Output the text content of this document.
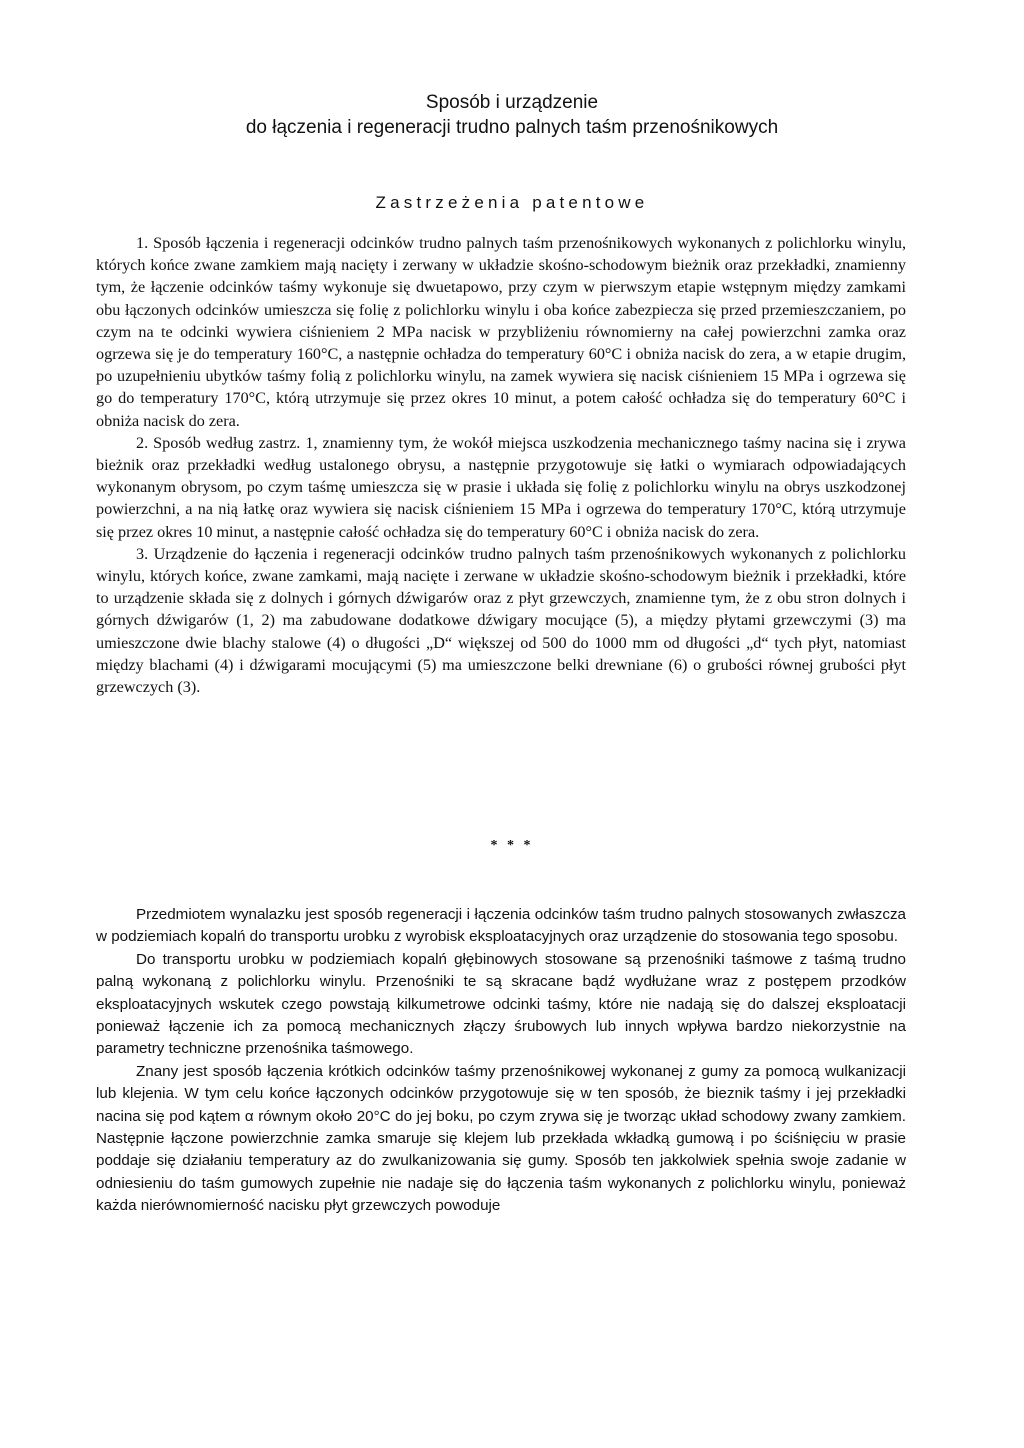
Sposób i urządzenie
do łączenia i regeneracji trudno palnych taśm przenośnikowych
Zastrzeżenia patentowe

1. Sposób łączenia i regeneracji odcinków trudno palnych taśm przenośnikowych wykonanych z polichlorku winylu, których końce zwane zamkiem mają nacięty i zerwany w układzie skośno-schodowym bieżnik oraz przekładki, znamienny tym, że łączenie odcinków taśmy wykonuje się dwuetapowo, przy czym w pierwszym etapie wstępnym między zamkami obu łączonych odcinków umieszcza się folię z polichlorku winylu i oba końce zabezpiecza się przed przemieszczaniem, po czym na te odcinki wywiera ciśnieniem 2 MPa nacisk w przybliżeniu równomierny na całej powierzchni zamka oraz ogrzewa się je do temperatury 160°C, a następnie ochładza do temperatury 60°C i obniża nacisk do zera, a w etapie drugim, po uzupełnieniu ubytków taśmy folią z polichlorku winylu, na zamek wywiera się nacisk ciśnieniem 15 MPa i ogrzewa się go do temperatury 170°C, którą utrzymuje się przez okres 10 minut, a potem całość ochładza się do temperatury 60°C i obniża nacisk do zera.

2. Sposób według zastrz. 1, znamienny tym, że wokół miejsca uszkodzenia mechanicznego taśmy nacina się i zrywa bieżnik oraz przekładki według ustalonego obrysu, a następnie przygotowuje się łatki o wymiarach odpowiadających wykonanym obrysom, po czym taśmę umieszcza się w prasie i układa się folię z polichlorku winylu na obrys uszkodzonej powierzchni, a na nią łatkę oraz wywiera się nacisk ciśnieniem 15 MPa i ogrzewa do temperatury 170°C, którą utrzymuje się przez okres 10 minut, a następnie całość ochładza się do temperatury 60°C i obniża nacisk do zera.

3. Urządzenie do łączenia i regeneracji odcinków trudno palnych taśm przenośnikowych wykonanych z polichlorku winylu, których końce, zwane zamkami, mają nacięte i zerwane w układzie skośno-schodowym bieżnik i przekładki, które to urządzenie składa się z dolnych i górnych dźwigarów oraz z płyt grzewczych, znamienne tym, że z obu stron dolnych i górnych dźwigarów (1, 2) ma zabudowane dodatkowe dźwigary mocujące (5), a między płytami grzewczymi (3) ma umieszczone dwie blachy stalowe (4) o długości „D“ większej od 500 do 1000 mm od długości „d“ tych płyt, natomiast między blachami (4) i dźwigarami mocującymi (5) ma umieszczone belki drewniane (6) o grubości równej grubości płyt grzewczych (3).

* * *

Przedmiotem wynalazku jest sposób regeneracji i łączenia odcinków taśm trudno palnych stosowanych zwłaszcza w podziemiach kopalń do transportu urobku z wyrobisk eksploatacyjnych oraz urządzenie do stosowania tego sposobu.

Do transportu urobku w podziemiach kopalń głębinowych stosowane są przenośniki taśmowe z taśmą trudno palną wykonaną z polichlorku winylu. Przenośniki te są skracane bądź wydłużane wraz z postępem przodków eksploatacyjnych wskutek czego powstają kilkumetrowe odcinki taśmy, które nie nadają się do dalszej eksploatacji ponieważ łączenie ich za pomocą mechanicznych złączy śrubowych lub innych wpływa bardzo niekorzystnie na parametry techniczne przenośnika taśmowego.

Znany jest sposób łączenia krótkich odcinków taśmy przenośnikowej wykonanej z gumy za pomocą wulkanizacji lub klejenia. W tym celu końce łączonych odcinków przygotowuje się w ten sposób, że bieznik taśmy i jej przekładki nacina się pod kątem α równym około 20°C do jej boku, po czym zrywa się je tworząc układ schodowy zwany zamkiem. Następnie łączone powierzchnie zamka smaruje się klejem lub przekłada wkładką gumową i po ściśnięciu w prasie poddaje się działaniu temperatury az do zwulkanizowania się gumy. Sposób ten jakkolwiek spełnia swoje zadanie w odniesieniu do taśm gumowych zupełnie nie nadaje się do łączenia taśm wykonanych z polichlorku winylu, ponieważ każda nierównomierność nacisku płyt grzewczych powoduje
